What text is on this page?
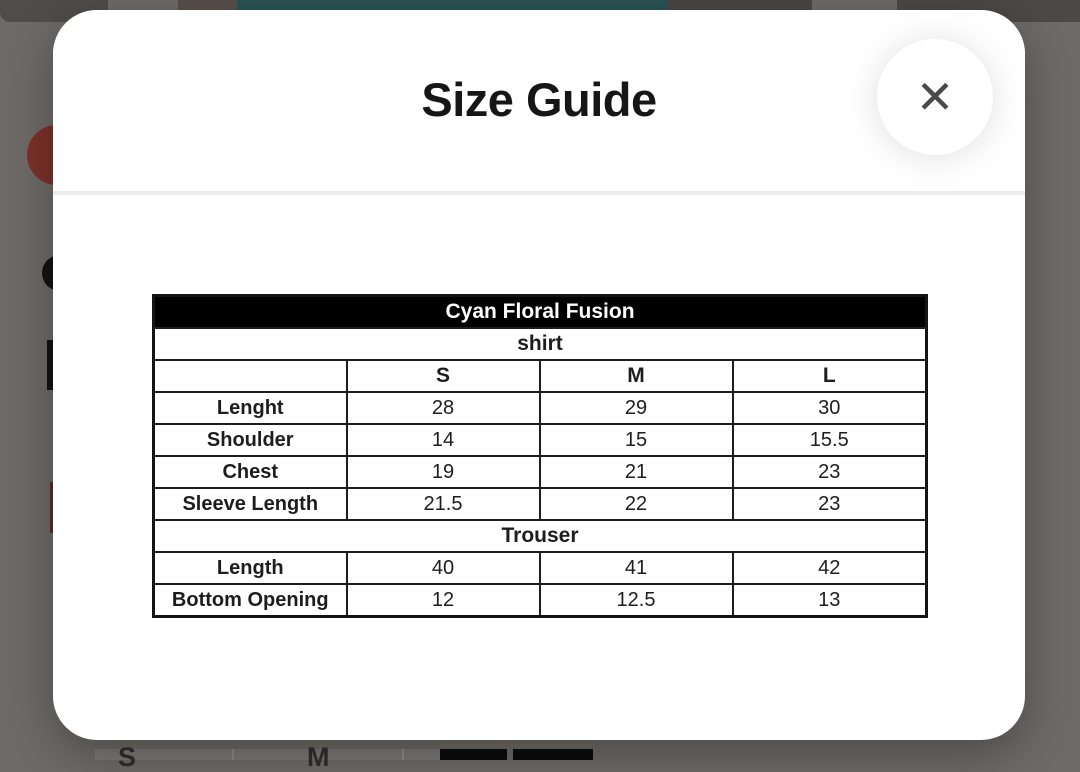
S	M
Size Guide	✕
Cyan Floral Fusion			
shirt			
	S	M	L
Lenght	28	29	30
Shoulder	14	15	15.5
Chest	19	21	23
Sleeve Length	21.5	22	23
Trouser			
Length	40	41	42
Bottom Opening	12	12.5	13
